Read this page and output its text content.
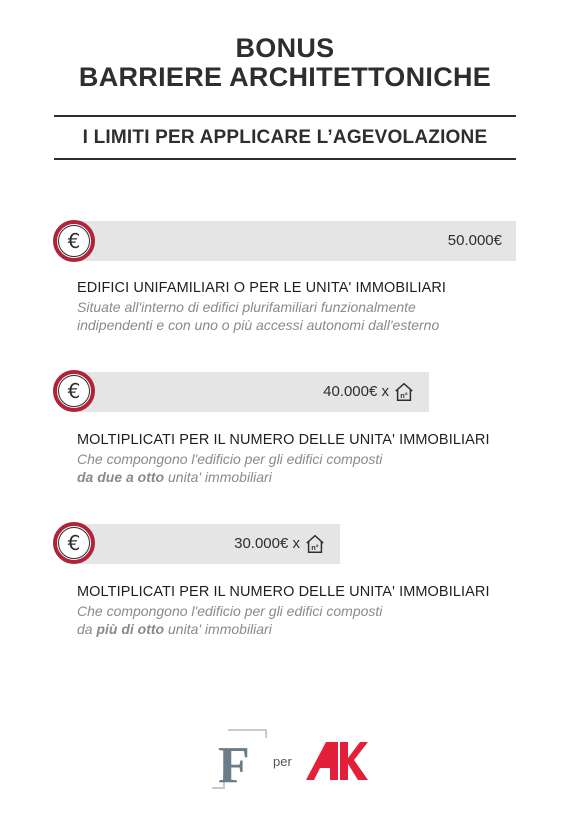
BONUS
BARRIERE ARCHITETTONICHE
I LIMITI PER APPLICARE L’AGEVOLAZIONE
50.000€
€
EDIFICI UNIFAMILIARI O PER LE UNITA' IMMOBILIARI
Situate all'interno di edifici plurifamiliari funzionalmente
indipendenti e con uno o più accessi autonomi dall'esterno
40.000€ x n°
€
MOLTIPLICATI PER IL NUMERO DELLE UNITA' IMMOBILIARI
Che compongono l'edificio per gli edifici composti
da due a otto unita' immobiliari
30.000€ x n°
€
MOLTIPLICATI PER IL NUMERO DELLE UNITA' IMMOBILIARI
Che compongono l'edificio per gli edifici composti
da più di otto unita' immobiliari
F per
